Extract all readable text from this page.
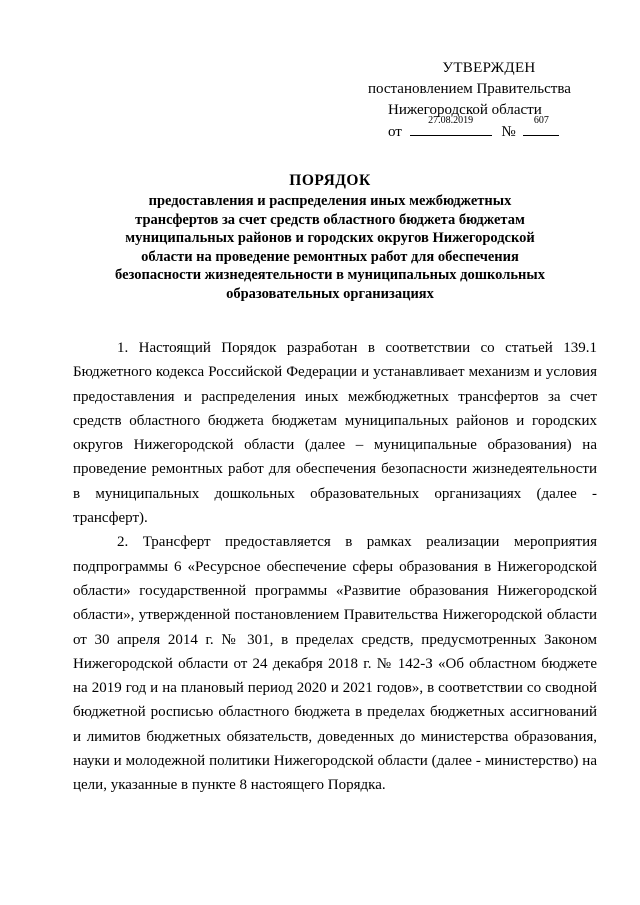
УТВЕРЖДЕН
постановлением Правительства
Нижегородской области
от
27.08.2019
№
607
ПОРЯДОК
предоставления и распределения иных межбюджетных
трансфертов за счет средств областного бюджета бюджетам
муниципальных районов и городских округов Нижегородской
области на проведение ремонтных работ для обеспечения
безопасности жизнедеятельности в муниципальных дошкольных
образовательных организациях

1. Настоящий Порядок разработан в соответствии со статьей 139.1 Бюджетного кодекса Российской Федерации и устанавливает механизм и условия предоставления и распределения иных межбюджетных трансфертов за счет средств областного бюджета бюджетам муниципальных районов и городских округов Нижегородской области (далее – муниципальные образования) на проведение ремонтных работ для обеспечения безопасности жизнедеятельности в муниципальных дошкольных образовательных организациях (далее - трансферт).

2. Трансферт предоставляется в рамках реализации мероприятия подпрограммы 6 «Ресурсное обеспечение сферы образования в Нижегородской области» государственной программы «Развитие образования Нижегородской области», утвержденной постановлением Правительства Нижегородской области от 30 апреля 2014 г. № 301, в пределах средств, предусмотренных Законом Нижегородской области от 24 декабря 2018 г. № 142-З «Об областном бюджете на 2019 год и на плановый период 2020 и 2021 годов», в соответствии со сводной бюджетной росписью областного бюджета в пределах бюджетных ассигнований и лимитов бюджетных обязательств, доведенных до министерства образования, науки и молодежной политики Нижегородской области (далее - министерство) на цели, указанные в пункте 8 настоящего Порядка.
